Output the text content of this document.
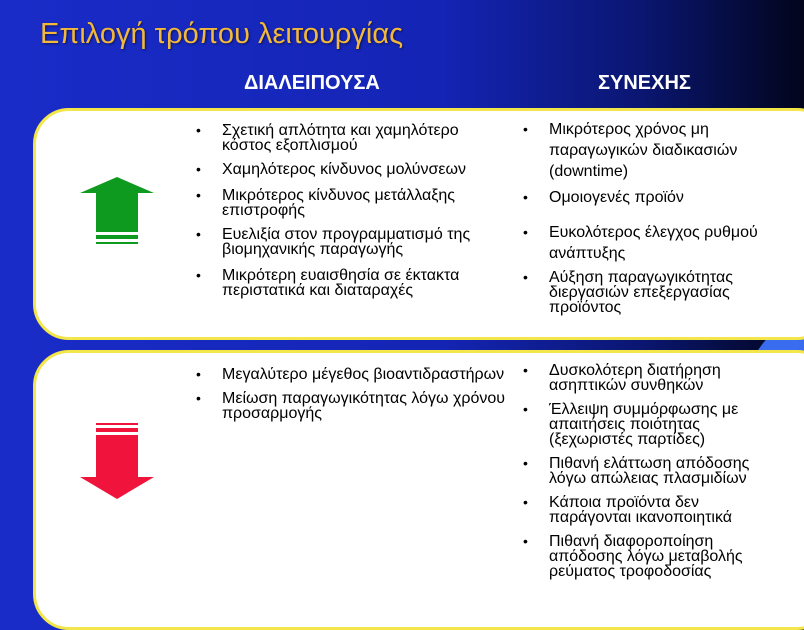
Επιλογή τρόπου λειτουργίας
ΔΙΑΛΕΙΠΟΥΣΑ	ΣΥΝΕΧΗΣ
• Σχετική απλότητα και χαμηλότερο κόστος εξοπλισμού
• Χαμηλότερος κίνδυνος μολύνσεων
• Μικρότερος κίνδυνος μετάλλαξης επιστροφής
• Ευελιξία στον προγραμματισμό της βιομηχανικής παραγωγής
• Μικρότερη ευαισθησία σε έκτακτα περιστατικά και διαταραχές
• Μικρότερος χρόνος μη παραγωγικών διαδικασιών (downtime)
• Ομοιογενές προϊόν
• Ευκολότερος έλεγχος ρυθμού ανάπτυξης
• Αύξηση παραγωγικότητας διεργασιών επεξεργασίας προϊόντος
• Μεγαλύτερο μέγεθος βιοαντιδραστήρων
• Μείωση παραγωγικότητας λόγω χρόνου προσαρμογής
• Δυσκολότερη διατήρηση ασηπτικών συνθηκών
• Έλλειψη συμμόρφωσης με απαιτήσεις ποιότητας (ξεχωριστές παρτίδες)
• Πιθανή ελάττωση απόδοσης λόγω απώλειας πλασμιδίων
• Κάποια προϊόντα δεν παράγονται ικανοποιητικά
• Πιθανή διαφοροποίηση απόδοσης λόγω μεταβολής ρεύματος τροφοδοσίας
